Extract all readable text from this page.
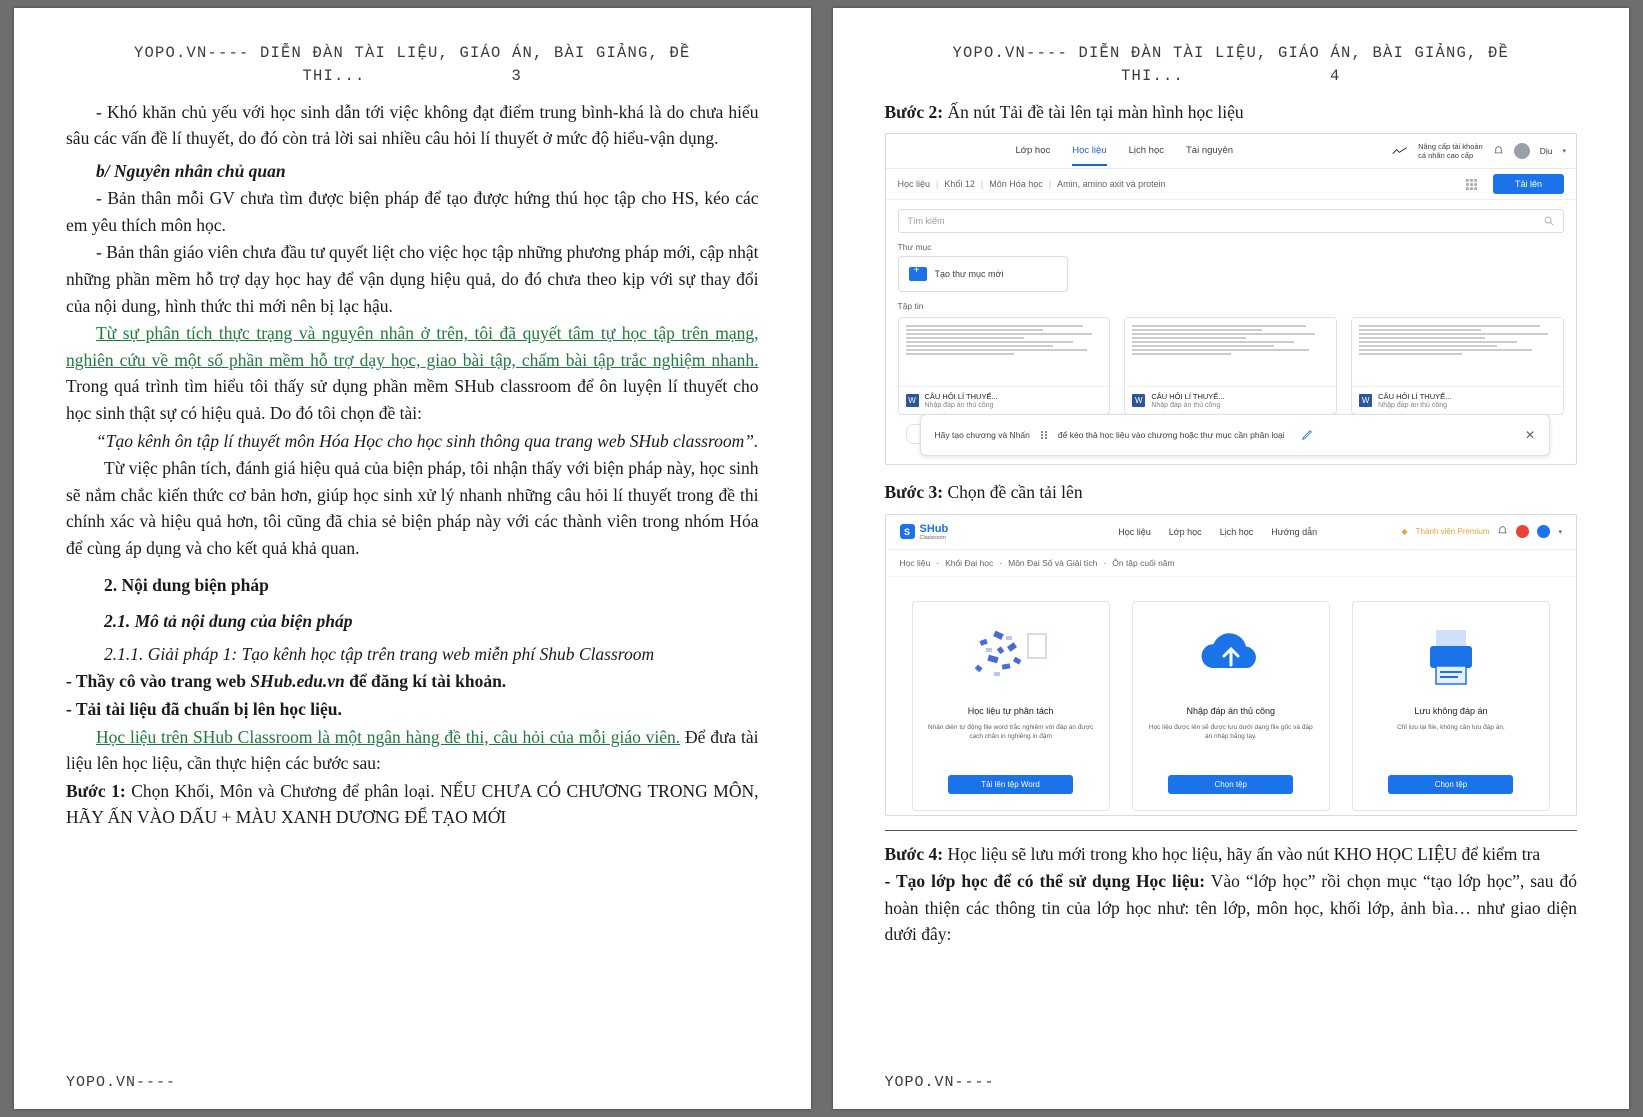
YOPO.VN---- DIỄN ĐÀN TÀI LIỆU, GIÁO ÁN, BÀI GIẢNG, ĐỀ
THI...	3

- Khó khăn chủ yếu với học sinh dẫn tới việc không đạt điểm trung bình-khá là do chưa hiểu sâu các vấn đề lí thuyết, do đó còn trả lời sai nhiều câu hỏi lí thuyết ở mức độ hiểu-vận dụng.

b/ Nguyên nhân chủ quan

- Bản thân mỗi GV chưa tìm được biện pháp để tạo được hứng thú học tập cho HS, kéo các em yêu thích môn học.

- Bản thân giáo viên chưa đầu tư quyết liệt cho việc học tập những phương pháp mới, cập nhật những phần mềm hỗ trợ dạy học hay để vận dụng hiệu quả, do đó chưa theo kịp với sự thay đổi của nội dung, hình thức thi mới nên bị lạc hậu.

Từ sự phân tích thực trạng và nguyên nhân ở trên, tôi đã quyết tâm tự học tập trên mạng, nghiên cứu về một số phần mềm hỗ trợ dạy học, giao bài tập, chấm bài tập trắc nghiệm nhanh. Trong quá trình tìm hiểu tôi thấy sử dụng phần mềm SHub classroom để ôn luyện lí thuyết cho học sinh thật sự có hiệu quả. Do đó tôi chọn đề tài:

“Tạo kênh ôn tập lí thuyết môn Hóa Học cho học sinh thông qua trang web SHub classroom”.

Từ việc phân tích, đánh giá hiệu quả của biện pháp, tôi nhận thấy với biện pháp này, học sinh sẽ nắm chắc kiến thức cơ bản hơn, giúp học sinh xử lý nhanh những câu hỏi lí thuyết trong đề thi chính xác và hiệu quả hơn, tôi cũng đã chia sẻ biện pháp này với các thành viên trong nhóm Hóa để cùng áp dụng và cho kết quả khả quan.

2. Nội dung biện pháp

2.1. Mô tả nội dung của biện pháp

2.1.1. Giải pháp 1: Tạo kênh học tập trên trang web miễn phí Shub Classroom

- Thầy cô vào trang web SHub.edu.vn để đăng kí tài khoản.

- Tải tài liệu đã chuẩn bị lên học liệu.

Học liệu trên SHub Classroom là một ngân hàng đề thi, câu hỏi của mỗi giáo viên. Để đưa tài liệu lên học liệu, cần thực hiện các bước sau:

Bước 1: Chọn Khối, Môn và Chương để phân loại. NẾU CHƯA CÓ CHƯƠNG TRONG MÔN, HÃY ẤN VÀO DẤU + MÀU XANH DƯƠNG ĐỂ TẠO MỚI

YOPO.VN----
YOPO.VN---- DIỄN ĐÀN TÀI LIỆU, GIÁO ÁN, BÀI GIẢNG, ĐỀ
THI...	4

Bước 2: Ấn nút Tải đề tài lên tại màn hình học liệu

Lớp học Học liệu Lịch học Tài nguyên	Nâng cấp tài khoản
cá nhân cao cấp	Dịu ▾
Học liệu | Khối 12 | Môn Hóa học | Amin, amino axit và protein	Tải lên
Tìm kiếm
Thư mục
+
Tạo thư mục mới
Tập tin
W	CÂU HỎI LÍ THUYẾ...
Nhập đáp án thủ công
W	CÂU HỎI LÍ THUYẾ...
Nhập đáp án thủ công
W	CÂU HỎI LÍ THUYẾ...
Nhập đáp án thủ công
Hãy tạo chương và Nhấn	để kéo thả học liệu vào chương hoặc thư mục cần phân loại	✕

Bước 3: Chọn đề cần tải lên

S SHub
Classroom
Học liệu Lớp học Lịch học Hướng dẫn	◆ Thành viên Premium	▾
Học liệu · Khối Đại học · Môn Đại Số và Giải tích · Ôn tập cuối năm
Học liệu tự phân tách
Nhận diện tự động file word trắc nghiệm với đáp án được cách chân in nghiêng in đậm
Tải lên tệp Word
Nhập đáp án thủ công
Học liệu được lên sẽ được lưu dưới dạng file gốc và đáp án nhập bằng tay.
Chọn tệp
Lưu không đáp án
Chỉ lưu lại file, không cần lưu đáp án.
Chọn tệp

Bước 4: Học liệu sẽ lưu mới trong kho học liệu, hãy ấn vào nút KHO HỌC LIỆU để kiểm tra

- Tạo lớp học để có thể sử dụng Học liệu: Vào “lớp học” rồi chọn mục “tạo lớp học”, sau đó hoàn thiện các thông tin của lớp học như: tên lớp, môn học, khối lớp, ảnh bìa… như giao diện dưới đây:

YOPO.VN----
